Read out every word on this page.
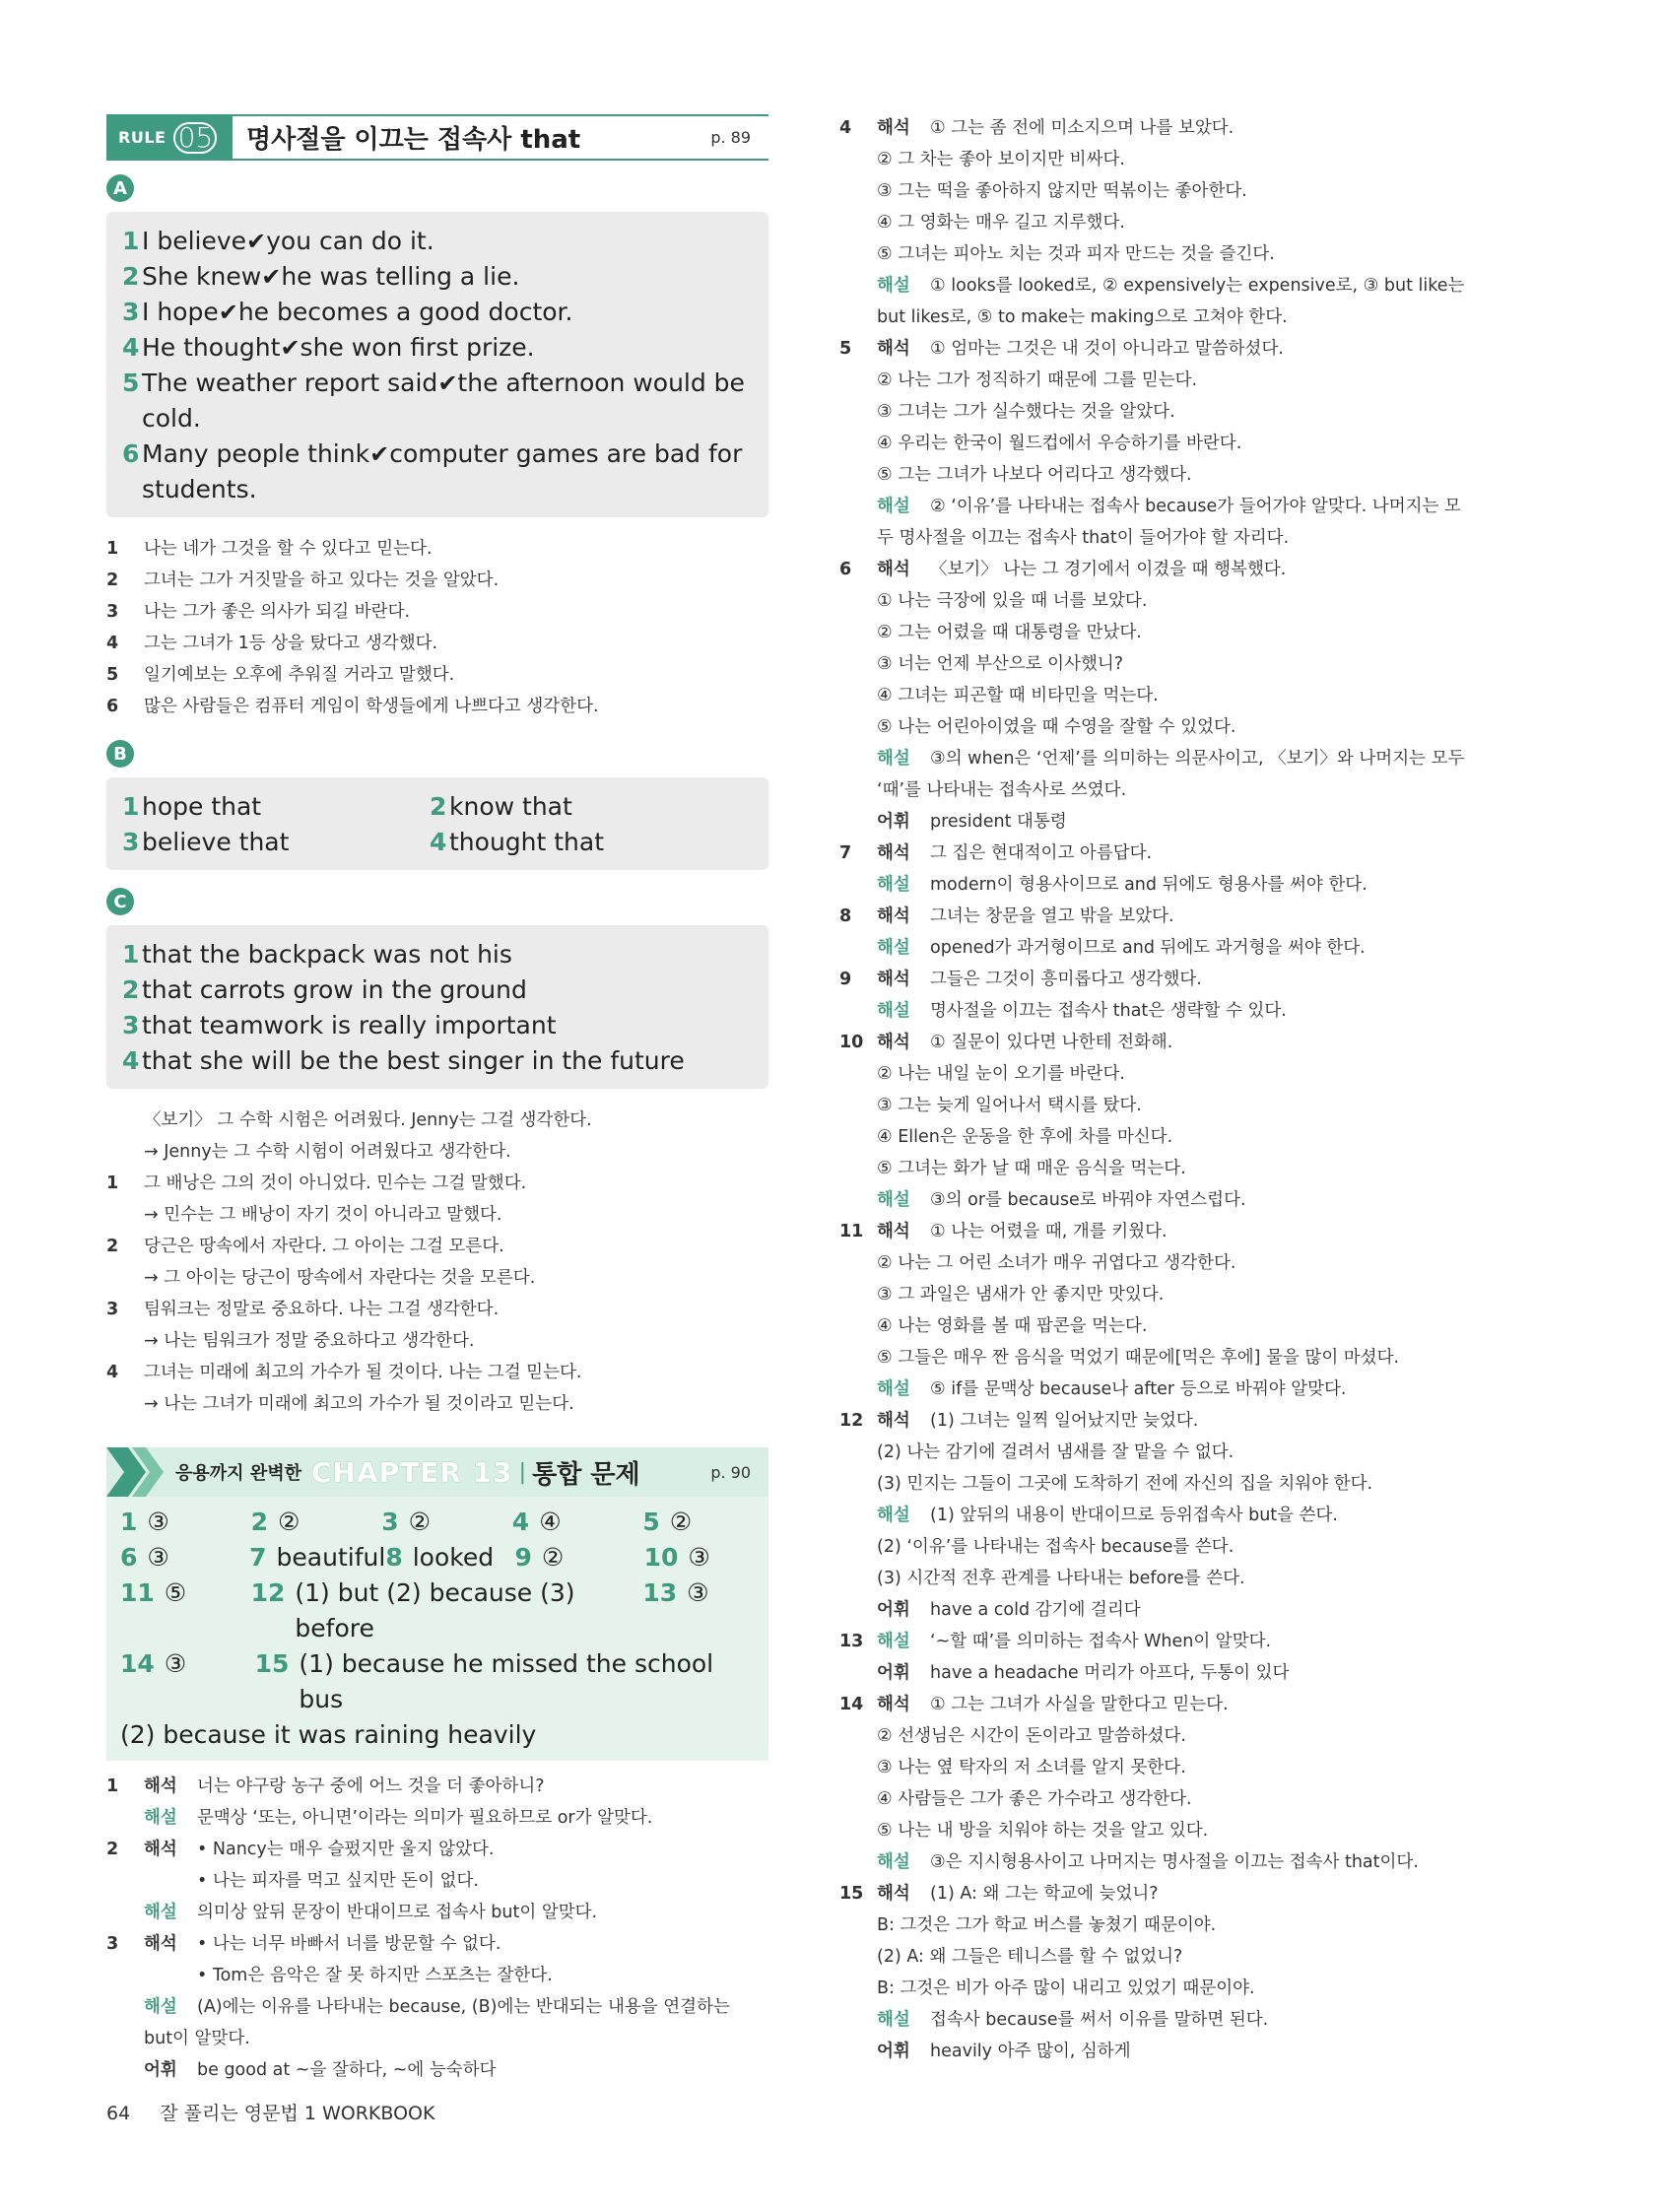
RULE 05 명사절을 이끄는 접속사 that	p. 89
A
1 I believe✔you can do it.
2 She knew✔he was telling a lie.
3 I hope✔he becomes a good doctor.
4 He thought✔she won first prize.
5 The weather report said✔the afternoon would be cold.
6 Many people think✔computer games are bad for students.
1	나는 네가 그것을 할 수 있다고 믿는다.
2	그녀는 그가 거짓말을 하고 있다는 것을 알았다.
3	나는 그가 좋은 의사가 되길 바란다.
4	그는 그녀가 1등 상을 탔다고 생각했다.
5	일기예보는 오후에 추워질 거라고 말했다.
6	많은 사람들은 컴퓨터 게임이 학생들에게 나쁘다고 생각한다.
B
1 hope that	2 know that
3 believe that	4 thought that
C
1 that the backpack was not his
2 that carrots grow in the ground
3 that teamwork is really important
4 that she will be the best singer in the future
〈보기〉 그 수학 시험은 어려웠다. Jenny는 그걸 생각한다.
→ Jenny는 그 수학 시험이 어려웠다고 생각한다.
1	그 배낭은 그의 것이 아니었다. 민수는 그걸 말했다.
→ 민수는 그 배낭이 자기 것이 아니라고 말했다.
2	당근은 땅속에서 자란다. 그 아이는 그걸 모른다.
→ 그 아이는 당근이 땅속에서 자란다는 것을 모른다.
3	팀워크는 정말로 중요하다. 나는 그걸 생각한다.
→ 나는 팀워크가 정말 중요하다고 생각한다.
4	그녀는 미래에 최고의 가수가 될 것이다. 나는 그걸 믿는다.
→ 나는 그녀가 미래에 최고의 가수가 될 것이라고 믿는다.
응용까지 완벽한 CHAPTER 13 | 통합 문제	p. 90
1 ③	2 ②	3 ②	4 ④	5 ②
6 ③	7 beautiful 8 looked 9 ②	10 ③
11 ⑤	12 (1) but (2) because (3) before
13 ③
14 ③	15 (1) because he missed the school bus
(2) because it was raining heavily
1	해석	너는 야구랑 농구 중에 어느 것을 더 좋아하니?
해설	문맥상 ‘또는, 아니면’이라는 의미가 필요하므로 or가 알맞다.
2	해석	• Nancy는 매우 슬펐지만 울지 않았다.
• 나는 피자를 먹고 싶지만 돈이 없다.
해설	의미상 앞뒤 문장이 반대이므로 접속사 but이 알맞다.
3	해석	• 나는 너무 바빠서 너를 방문할 수 없다.
• Tom은 음악은 잘 못 하지만 스포츠는 잘한다.
해설	(A)에는 이유를 나타내는 because, (B)에는 반대되는 내용을 연결하는
but이 알맞다.
어휘	be good at ~을 잘하다, ~에 능숙하다
4	해석	① 그는 좀 전에 미소지으며 나를 보았다.
② 그 차는 좋아 보이지만 비싸다.
③ 그는 떡을 좋아하지 않지만 떡볶이는 좋아한다.
④ 그 영화는 매우 길고 지루했다.
⑤ 그녀는 피아노 치는 것과 피자 만드는 것을 즐긴다.
해설	① looks를 looked로, ② expensively는 expensive로, ③ but like는
but likes로, ⑤ to make는 making으로 고쳐야 한다.
5	해석	① 엄마는 그것은 내 것이 아니라고 말씀하셨다.
② 나는 그가 정직하기 때문에 그를 믿는다.
③ 그녀는 그가 실수했다는 것을 알았다.
④ 우리는 한국이 월드컵에서 우승하기를 바란다.
⑤ 그는 그녀가 나보다 어리다고 생각했다.
해설	② ‘이유’를 나타내는 접속사 because가 들어가야 알맞다. 나머지는 모
두 명사절을 이끄는 접속사 that이 들어가야 할 자리다.
6	해석	〈보기〉 나는 그 경기에서 이겼을 때 행복했다.
① 나는 극장에 있을 때 너를 보았다.
② 그는 어렸을 때 대통령을 만났다.
③ 너는 언제 부산으로 이사했니?
④ 그녀는 피곤할 때 비타민을 먹는다.
⑤ 나는 어린아이였을 때 수영을 잘할 수 있었다.
해설	③의 when은 ‘언제’를 의미하는 의문사이고, 〈보기〉와 나머지는 모두
‘때’를 나타내는 접속사로 쓰였다.
어휘	president 대통령
7	해석	그 집은 현대적이고 아름답다.
해설	modern이 형용사이므로 and 뒤에도 형용사를 써야 한다.
8	해석	그녀는 창문을 열고 밖을 보았다.
해설	opened가 과거형이므로 and 뒤에도 과거형을 써야 한다.
9	해석	그들은 그것이 흥미롭다고 생각했다.
해설	명사절을 이끄는 접속사 that은 생략할 수 있다.
10 해석	① 질문이 있다면 나한테 전화해.
② 나는 내일 눈이 오기를 바란다.
③ 그는 늦게 일어나서 택시를 탔다.
④ Ellen은 운동을 한 후에 차를 마신다.
⑤ 그녀는 화가 날 때 매운 음식을 먹는다.
해설	③의 or를 because로 바꿔야 자연스럽다.
11 해석	① 나는 어렸을 때, 개를 키웠다.
② 나는 그 어린 소녀가 매우 귀엽다고 생각한다.
③ 그 과일은 냄새가 안 좋지만 맛있다.
④ 나는 영화를 볼 때 팝콘을 먹는다.
⑤ 그들은 매우 짠 음식을 먹었기 때문에[먹은 후에] 물을 많이 마셨다.
해설	⑤ if를 문맥상 because나 after 등으로 바꿔야 알맞다.
12 해석	(1) 그녀는 일찍 일어났지만 늦었다.
(2) 나는 감기에 걸려서 냄새를 잘 맡을 수 없다.
(3) 민지는 그들이 그곳에 도착하기 전에 자신의 집을 치워야 한다.
해설	(1) 앞뒤의 내용이 반대이므로 등위접속사 but을 쓴다.
(2) ‘이유’를 나타내는 접속사 because를 쓴다.
(3) 시간적 전후 관계를 나타내는 before를 쓴다.
어휘	have a cold 감기에 걸리다
13 해설	‘~할 때’를 의미하는 접속사 When이 알맞다.
어휘	have a headache 머리가 아프다, 두통이 있다
14 해석	① 그는 그녀가 사실을 말한다고 믿는다.
② 선생님은 시간이 돈이라고 말씀하셨다.
③ 나는 옆 탁자의 저 소녀를 알지 못한다.
④ 사람들은 그가 좋은 가수라고 생각한다.
⑤ 나는 내 방을 치워야 하는 것을 알고 있다.
해설	③은 지시형용사이고 나머지는 명사절을 이끄는 접속사 that이다.
15 해석	(1) A: 왜 그는 학교에 늦었니?
B: 그것은 그가 학교 버스를 놓쳤기 때문이야.
(2) A: 왜 그들은 테니스를 할 수 없었니?
B: 그것은 비가 아주 많이 내리고 있었기 때문이야.
해설	접속사 because를 써서 이유를 말하면 된다.
어휘	heavily 아주 많이, 심하게
64 잘 풀리는 영문법 1 WORKBOOK
